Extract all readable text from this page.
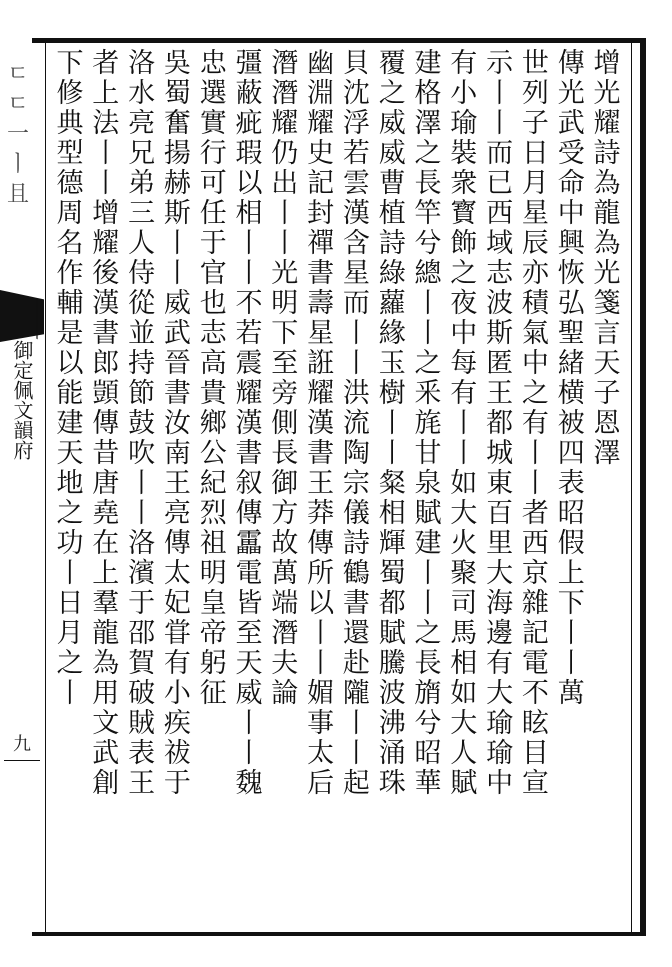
ㄷ ㄷ 一 ㅣ 且
御定佩文韻府
九
增光耀詩為龍為光箋言天子恩澤
傳光武受命中興恢弘聖緒横被四表昭假上下丨丨萬
世列子日月星辰亦積氣中之有丨丨者西京雜記電不眩目宣
示丨丨而已西域志波斯匿王都城東百里大海邊有大瑜瑜中
有小瑜裝衆寳飾之夜中每有丨丨如大火聚司馬相如大人賦
建格澤之長竿兮總丨丨之釆旄甘泉賦建丨丨之長旓兮昭華
覆之威威曹植詩綠蘿緣玉樹丨丨粲相輝蜀都賦騰波沸涌珠
貝沈浮若雲漢含星而丨丨洪流陶宗儀詩鶴書還赴隴丨丨起
幽淵耀史記封禪書壽星誑耀漢書王莽傳所以丨丨媚事太后
潛潛耀仍出丨丨光明下至旁側長御方故萬端潛夫論
彊蔽疵瑕以相丨丨不若震耀漢書叙傳靁電皆至天威丨丨魏
忠選實行可任于官也志高貴鄉公紀烈祖明皇帝躬征
吳蜀奮揚赫斯丨丨威武晉書汝南王亮傳太妃甞有小疾祓于
洛水亮兄弟三人侍從並持節鼓吹丨丨洛濱于邵賀破賊表王
者上法丨丨增耀後漢書郎顗傳昔唐堯在上羣龍為用文武創
下修典型德周名作輔是以能建天地之功丨日月之丨
